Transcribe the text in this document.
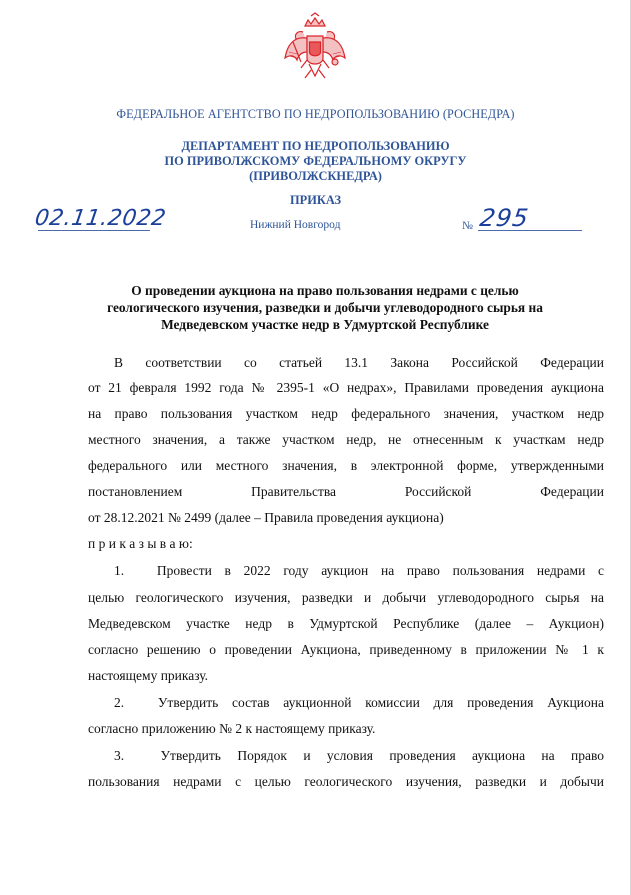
ФЕДЕРАЛЬНОЕ АГЕНТСТВО ПО НЕДРОПОЛЬЗОВАНИЮ (РОСНЕДРА)
ДЕПАРТАМЕНТ ПО НЕДРОПОЛЬЗОВАНИЮ
ПО ПРИВОЛЖСКОМУ ФЕДЕРАЛЬНОМУ ОКРУГУ
(ПРИВОЛЖСКНЕДРА)
ПРИКАЗ
02.11.2022	Нижний Новгород	№ 295
О проведении аукциона на право пользования недрами с целью
геологического изучения, разведки и добычи углеводородного сырья на
Медведевском участке недр в Удмуртской Республике
В соответствии со статьей 13.1 Закона Российской Федерации
от 21 февраля 1992 года № 2395-1 «О недрах», Правилами проведения аукциона
на право пользования участком недр федерального значения, участком недр
местного значения, а также участком недр, не отнесенным к участкам недр
федерального или местного значения, в электронной форме, утвержденными
постановлением Правительства Российской Федерации
от 28.12.2021 № 2499 (далее – Правила проведения аукциона)
п р и к а з ы в а ю:
1. Провести в 2022 году аукцион на право пользования недрами с
целью геологического изучения, разведки и добычи углеводородного сырья на
Медведевском участке недр в Удмуртской Республике (далее – Аукцион)
согласно решению о проведении Аукциона, приведенному в приложении № 1 к
настоящему приказу.
2. Утвердить состав аукционной комиссии для проведения Аукциона
согласно приложению № 2 к настоящему приказу.
3.	Утвердить Порядок и условия проведения аукциона на право
пользования недрами с целью геологического изучения, разведки и добычи
